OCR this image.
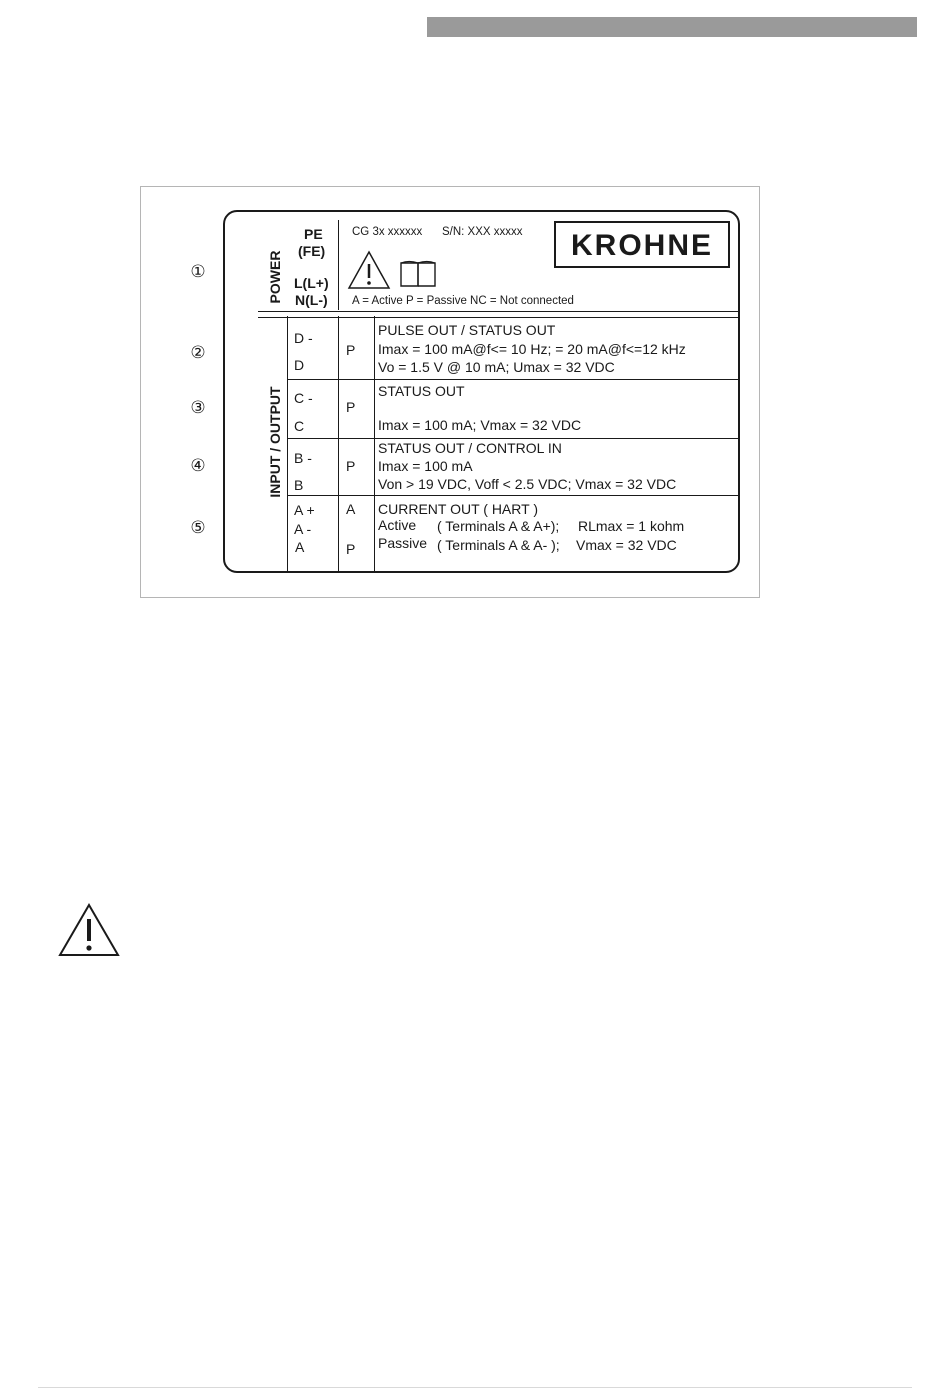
①
②
③
④
⑤
POWER
INPUT / OUTPUT
PE
(FE)
L(L+)
N(L-)
CG 3x xxxxxx S/N: XXX xxxxx
A = Active P = Passive NC = Not connected
KROHNE
D -
D
P
PULSE OUT / STATUS OUT
Imax = 100 mA@f<= 10 Hz; = 20 mA@f<=12 kHz
Vo = 1.5 V @ 10 mA; Umax = 32 VDC
C -
C
P
STATUS OUT
Imax = 100 mA; Vmax = 32 VDC
B -
B
P
STATUS OUT / CONTROL IN
Imax = 100 mA
Von > 19 VDC, Voff < 2.5 VDC; Vmax = 32 VDC
A +
A -
A
A
P
CURRENT OUT ( HART )
Active ( Terminals A & A+); RLmax = 1 kohm
Passive ( Terminals A & A- ); Vmax = 32 VDC
